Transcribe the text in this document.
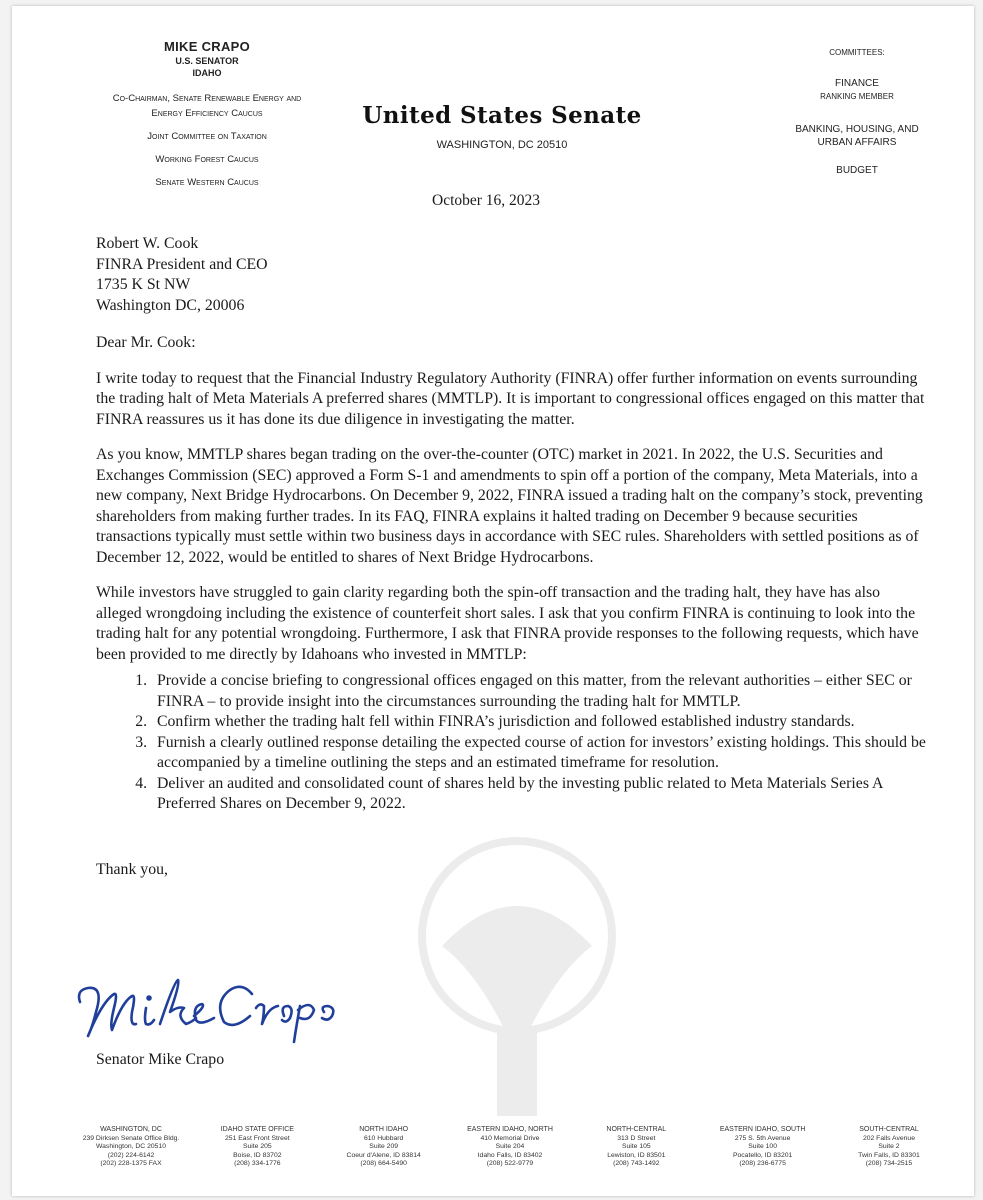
MIKE CRAPO
U.S. SENATOR
IDAHO
Co-Chairman, Senate Renewable Energy and
Energy Efficiency Caucus
Joint Committee on Taxation
Working Forest Caucus
Senate Western Caucus
United States Senate
WASHINGTON, DC 20510
COMMITTEES:
FINANCE
RANKING MEMBER
BANKING, HOUSING, AND
URBAN AFFAIRS
BUDGET
October 16, 2023
Robert W. Cook
FINRA President and CEO
1735 K St NW
Washington DC, 20006
Dear Mr. Cook:
I write today to request that the Financial Industry Regulatory Authority (FINRA) offer further information on events surrounding the trading halt of Meta Materials A preferred shares (MMTLP). It is important to congressional offices engaged on this matter that FINRA reassures us it has done its due diligence in investigating the matter.
As you know, MMTLP shares began trading on the over-the-counter (OTC) market in 2021. In 2022, the U.S. Securities and Exchanges Commission (SEC) approved a Form S-1 and amendments to spin off a portion of the company, Meta Materials, into a new company, Next Bridge Hydrocarbons. On December 9, 2022, FINRA issued a trading halt on the company’s stock, preventing shareholders from making further trades. In its FAQ, FINRA explains it halted trading on December 9 because securities transactions typically must settle within two business days in accordance with SEC rules. Shareholders with settled positions as of December 12, 2022, would be entitled to shares of Next Bridge Hydrocarbons.
While investors have struggled to gain clarity regarding both the spin-off transaction and the trading halt, they have has also alleged wrongdoing including the existence of counterfeit short sales. I ask that you confirm FINRA is continuing to look into the trading halt for any potential wrongdoing. Furthermore, I ask that FINRA provide responses to the following requests, which have been provided to me directly by Idahoans who invested in MMTLP:
1. Provide a concise briefing to congressional offices engaged on this matter, from the relevant authorities – either SEC or FINRA – to provide insight into the circumstances surrounding the trading halt for MMTLP.
2. Confirm whether the trading halt fell within FINRA’s jurisdiction and followed established industry standards.
3. Furnish a clearly outlined response detailing the expected course of action for investors’ existing holdings. This should be accompanied by a timeline outlining the steps and an estimated timeframe for resolution.
4. Deliver an audited and consolidated count of shares held by the investing public related to Meta Materials Series A Preferred Shares on December 9, 2022.
Thank you,
Senator Mike Crapo
WASHINGTON, DC
239 Dirksen Senate Office Bldg.
Washington, DC 20510
(202) 224-6142
(202) 228-1375 FAX
IDAHO STATE OFFICE
251 East Front Street
Suite 205
Boise, ID 83702
(208) 334-1776
NORTH IDAHO
610 Hubbard
Suite 209
Coeur d'Alene, ID 83814
(208) 664-5490
EASTERN IDAHO, NORTH
410 Memorial Drive
Suite 204
Idaho Falls, ID 83402
(208) 522-9779
NORTH-CENTRAL
313 D Street
Suite 105
Lewiston, ID 83501
(208) 743-1492
EASTERN IDAHO, SOUTH
275 S. 5th Avenue
Suite 100
Pocatello, ID 83201
(208) 236-6775
SOUTH-CENTRAL
202 Falls Avenue
Suite 2
Twin Falls, ID 83301
(208) 734-2515
